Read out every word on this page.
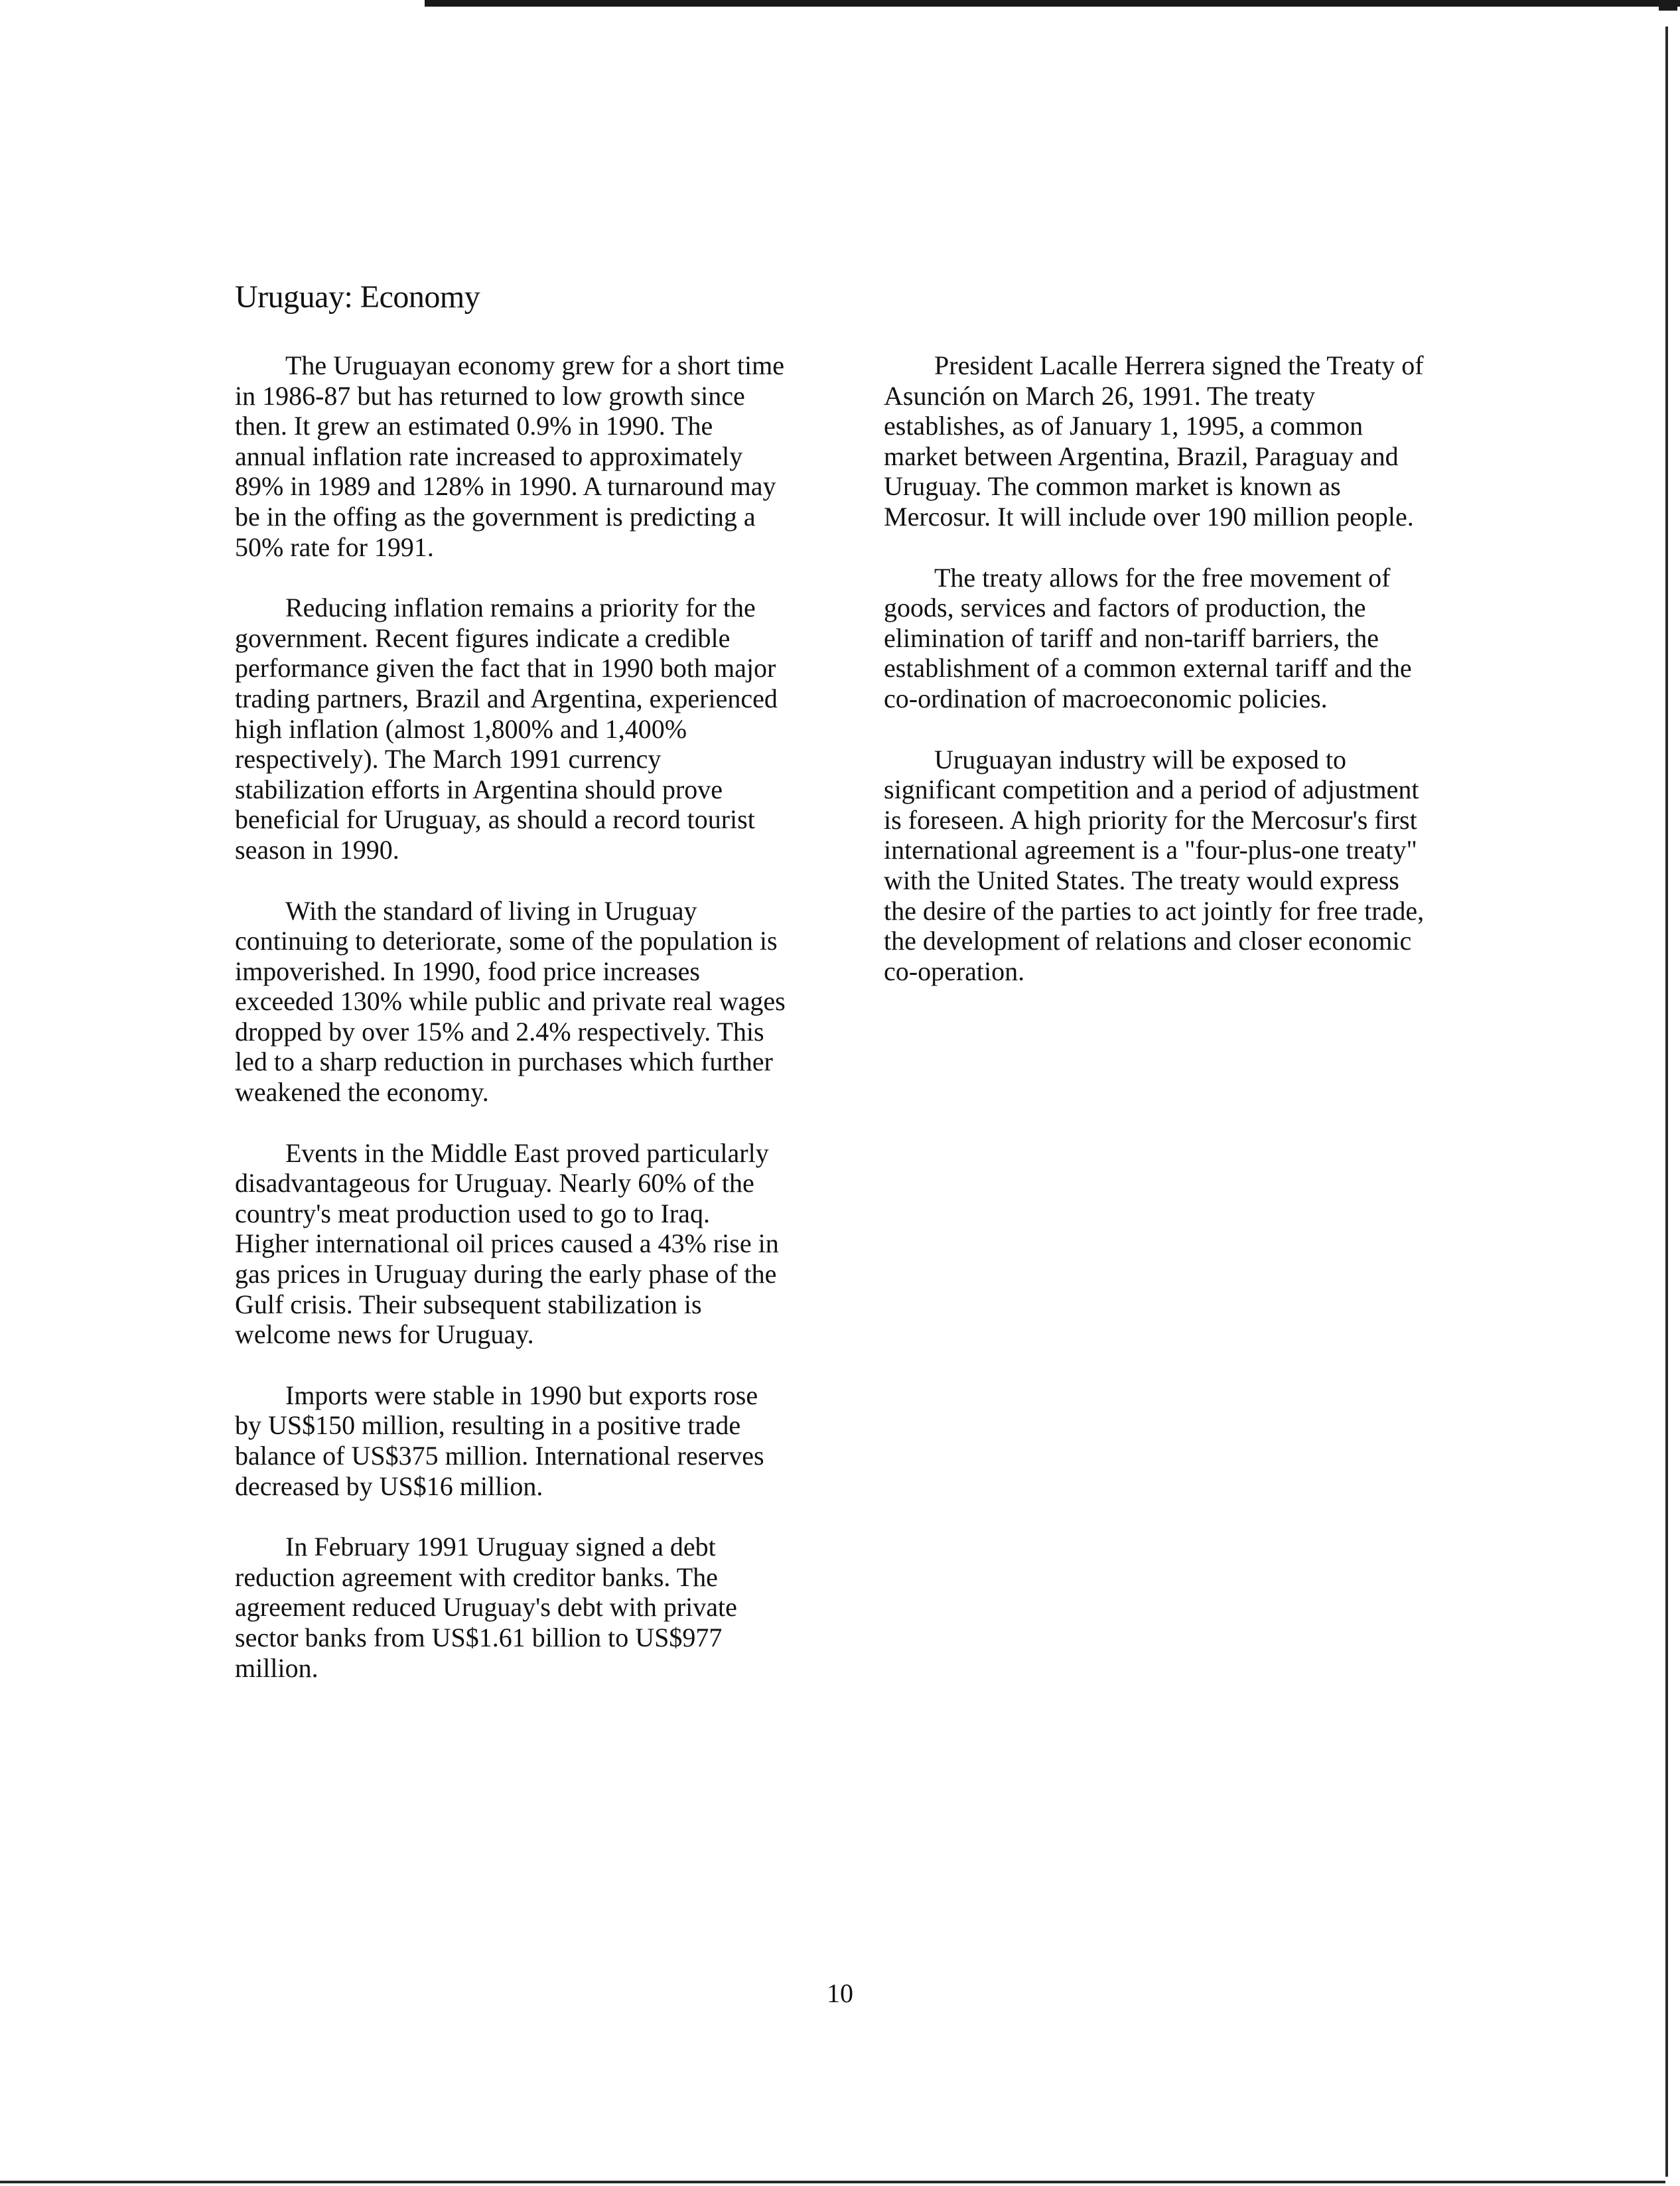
Uruguay: Economy

The Uruguayan economy grew for a short time in 1986-87 but has returned to low growth since then. It grew an estimated 0.9% in 1990. The annual inflation rate increased to approximately 89% in 1989 and 128% in 1990. A turnaround may be in the offing as the government is predicting a 50% rate for 1991.

Reducing inflation remains a priority for the government. Recent figures indicate a credible performance given the fact that in 1990 both major trading partners, Brazil and Argentina, experienced high inflation (almost 1,800% and 1,400% respectively). The March 1991 currency stabilization efforts in Argentina should prove beneficial for Uruguay, as should a record tourist season in 1990.

With the standard of living in Uruguay continuing to deteriorate, some of the population is impoverished. In 1990, food price increases exceeded 130% while public and private real wages dropped by over 15% and 2.4% respectively. This led to a sharp reduction in purchases which further weakened the economy.

Events in the Middle East proved particularly disadvantageous for Uruguay. Nearly 60% of the country's meat production used to go to Iraq. Higher international oil prices caused a 43% rise in gas prices in Uruguay during the early phase of the Gulf crisis. Their subsequent stabilization is welcome news for Uruguay.

Imports were stable in 1990 but exports rose by US$150 million, resulting in a positive trade balance of US$375 million. International reserves decreased by US$16 million.

In February 1991 Uruguay signed a debt reduction agreement with creditor banks. The agreement reduced Uruguay's debt with private sector banks from US$1.61 billion to US$977 million.

President Lacalle Herrera signed the Treaty of Asunción on March 26, 1991. The treaty establishes, as of January 1, 1995, a common market between Argentina, Brazil, Paraguay and Uruguay. The common market is known as Mercosur. It will include over 190 million people.

The treaty allows for the free movement of goods, services and factors of production, the elimination of tariff and non-tariff barriers, the establishment of a common external tariff and the co-ordination of macroeconomic policies.

Uruguayan industry will be exposed to significant competition and a period of adjustment is foreseen. A high priority for the Mercosur's first international agreement is a "four-plus-one treaty" with the United States. The treaty would express the desire of the parties to act jointly for free trade, the development of relations and closer economic co-operation.

10
